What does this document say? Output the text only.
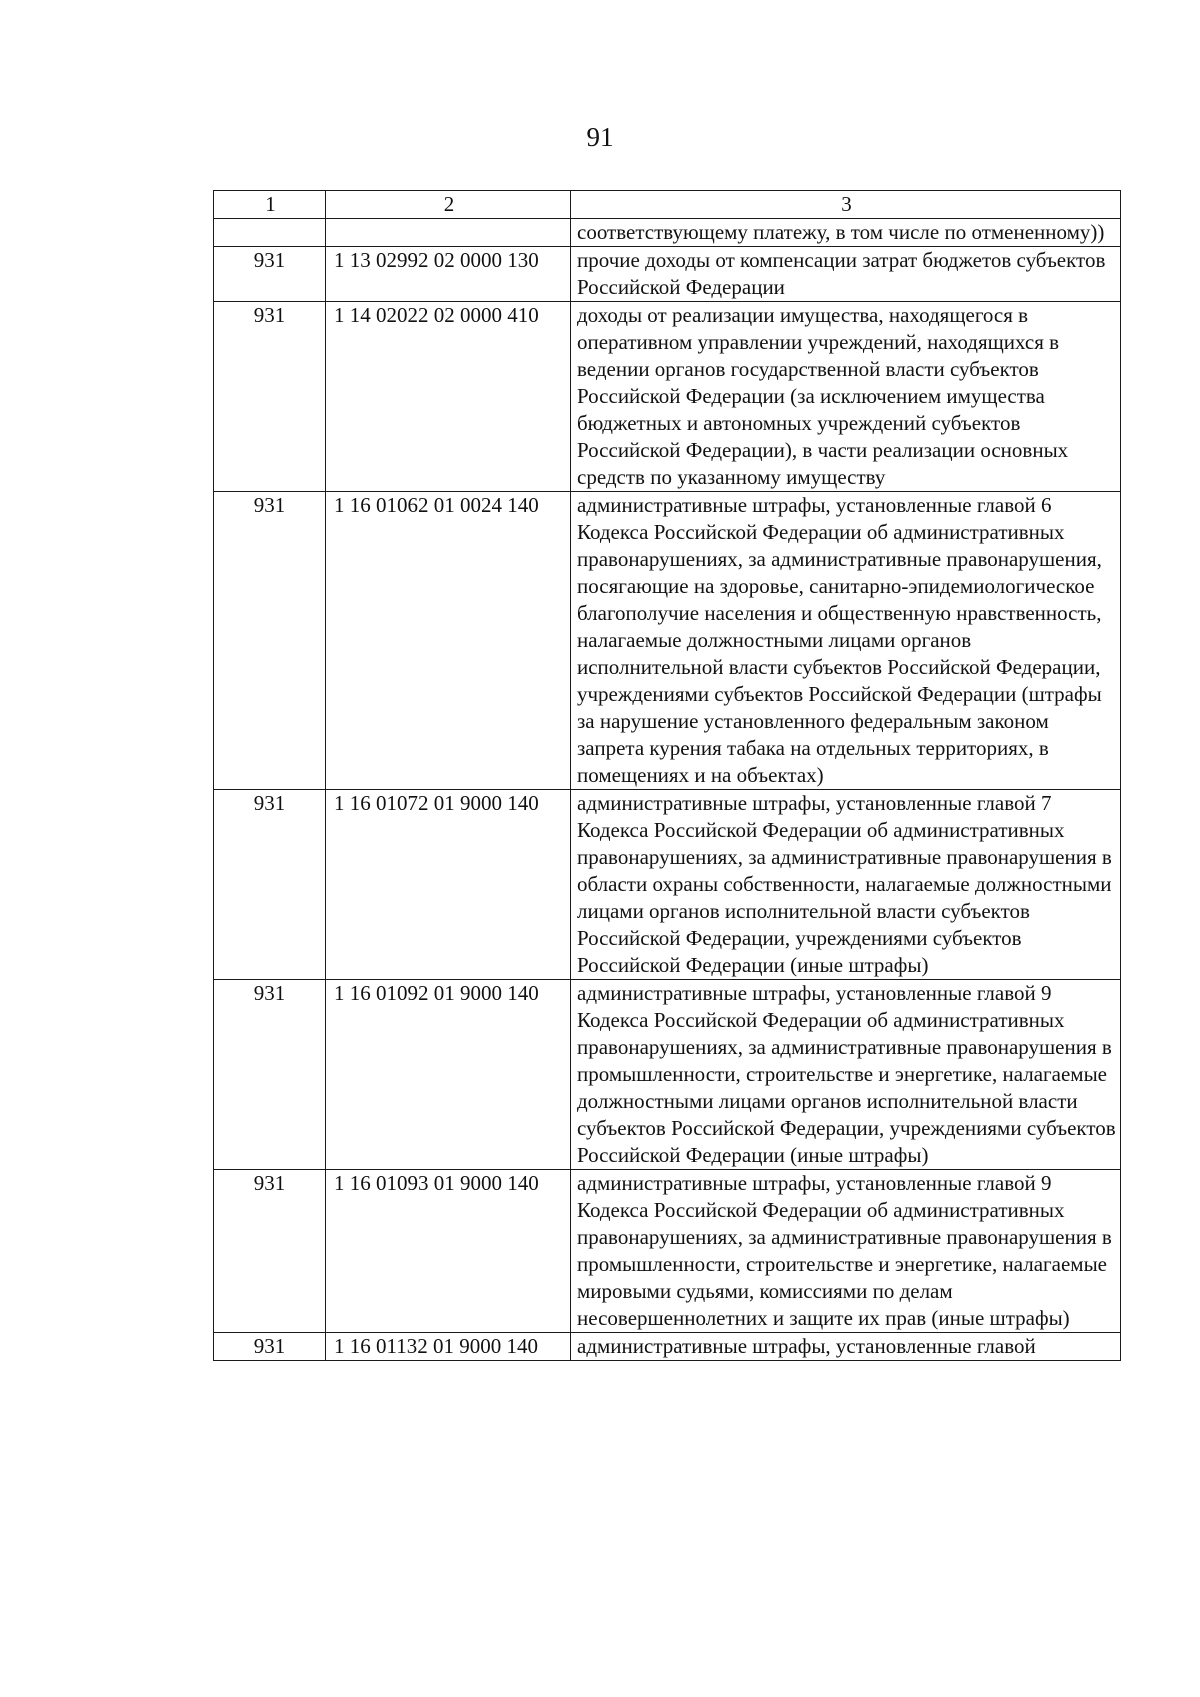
91
1	2	3
		соответствующему платежу, в том числе по отмененному))
931	1 13 02992 02 0000 130	прочие доходы от компенсации затрат бюджетов субъектов Российской Федерации
931	1 14 02022 02 0000 410	доходы от реализации имущества, находящегося в оперативном управлении учреждений, находящихся в ведении органов государственной власти субъектов Российской Федерации (за исключением имущества бюджетных и автономных учреждений субъектов Российской Федерации), в части реализации основных средств по указанному имуществу
931	1 16 01062 01 0024 140	административные штрафы, установленные главой 6 Кодекса Российской Федерации об административных правонарушениях, за административные правонарушения, посягающие на здоровье, санитарно-эпидемиологическое благополучие населения и общественную нравственность, налагаемые должностными лицами органов исполнительной власти субъектов Российской Федерации, учреждениями субъектов Российской Федерации (штрафы за нарушение установленного федеральным законом запрета курения табака на отдельных территориях, в помещениях и на объектах)
931	1 16 01072 01 9000 140	административные штрафы, установленные главой 7 Кодекса Российской Федерации об административных правонарушениях, за административные правонарушения в области охраны собственности, налагаемые должностными лицами органов исполнительной власти субъектов Российской Федерации, учреждениями субъектов Российской Федерации (иные штрафы)
931	1 16 01092 01 9000 140	административные штрафы, установленные главой 9 Кодекса Российской Федерации об административных правонарушениях, за административные правонарушения в промышленности, строительстве и энергетике, налагаемые должностными лицами органов исполнительной власти субъектов Российской Федерации, учреждениями субъектов Российской Федерации (иные штрафы)
931	1 16 01093 01 9000 140	административные штрафы, установленные главой 9 Кодекса Российской Федерации об административных правонарушениях, за административные правонарушения в промышленности, строительстве и энергетике, налагаемые мировыми судьями, комиссиями по делам несовершеннолетних и защите их прав (иные штрафы)
931	1 16 01132 01 9000 140	административные штрафы, установленные главой
